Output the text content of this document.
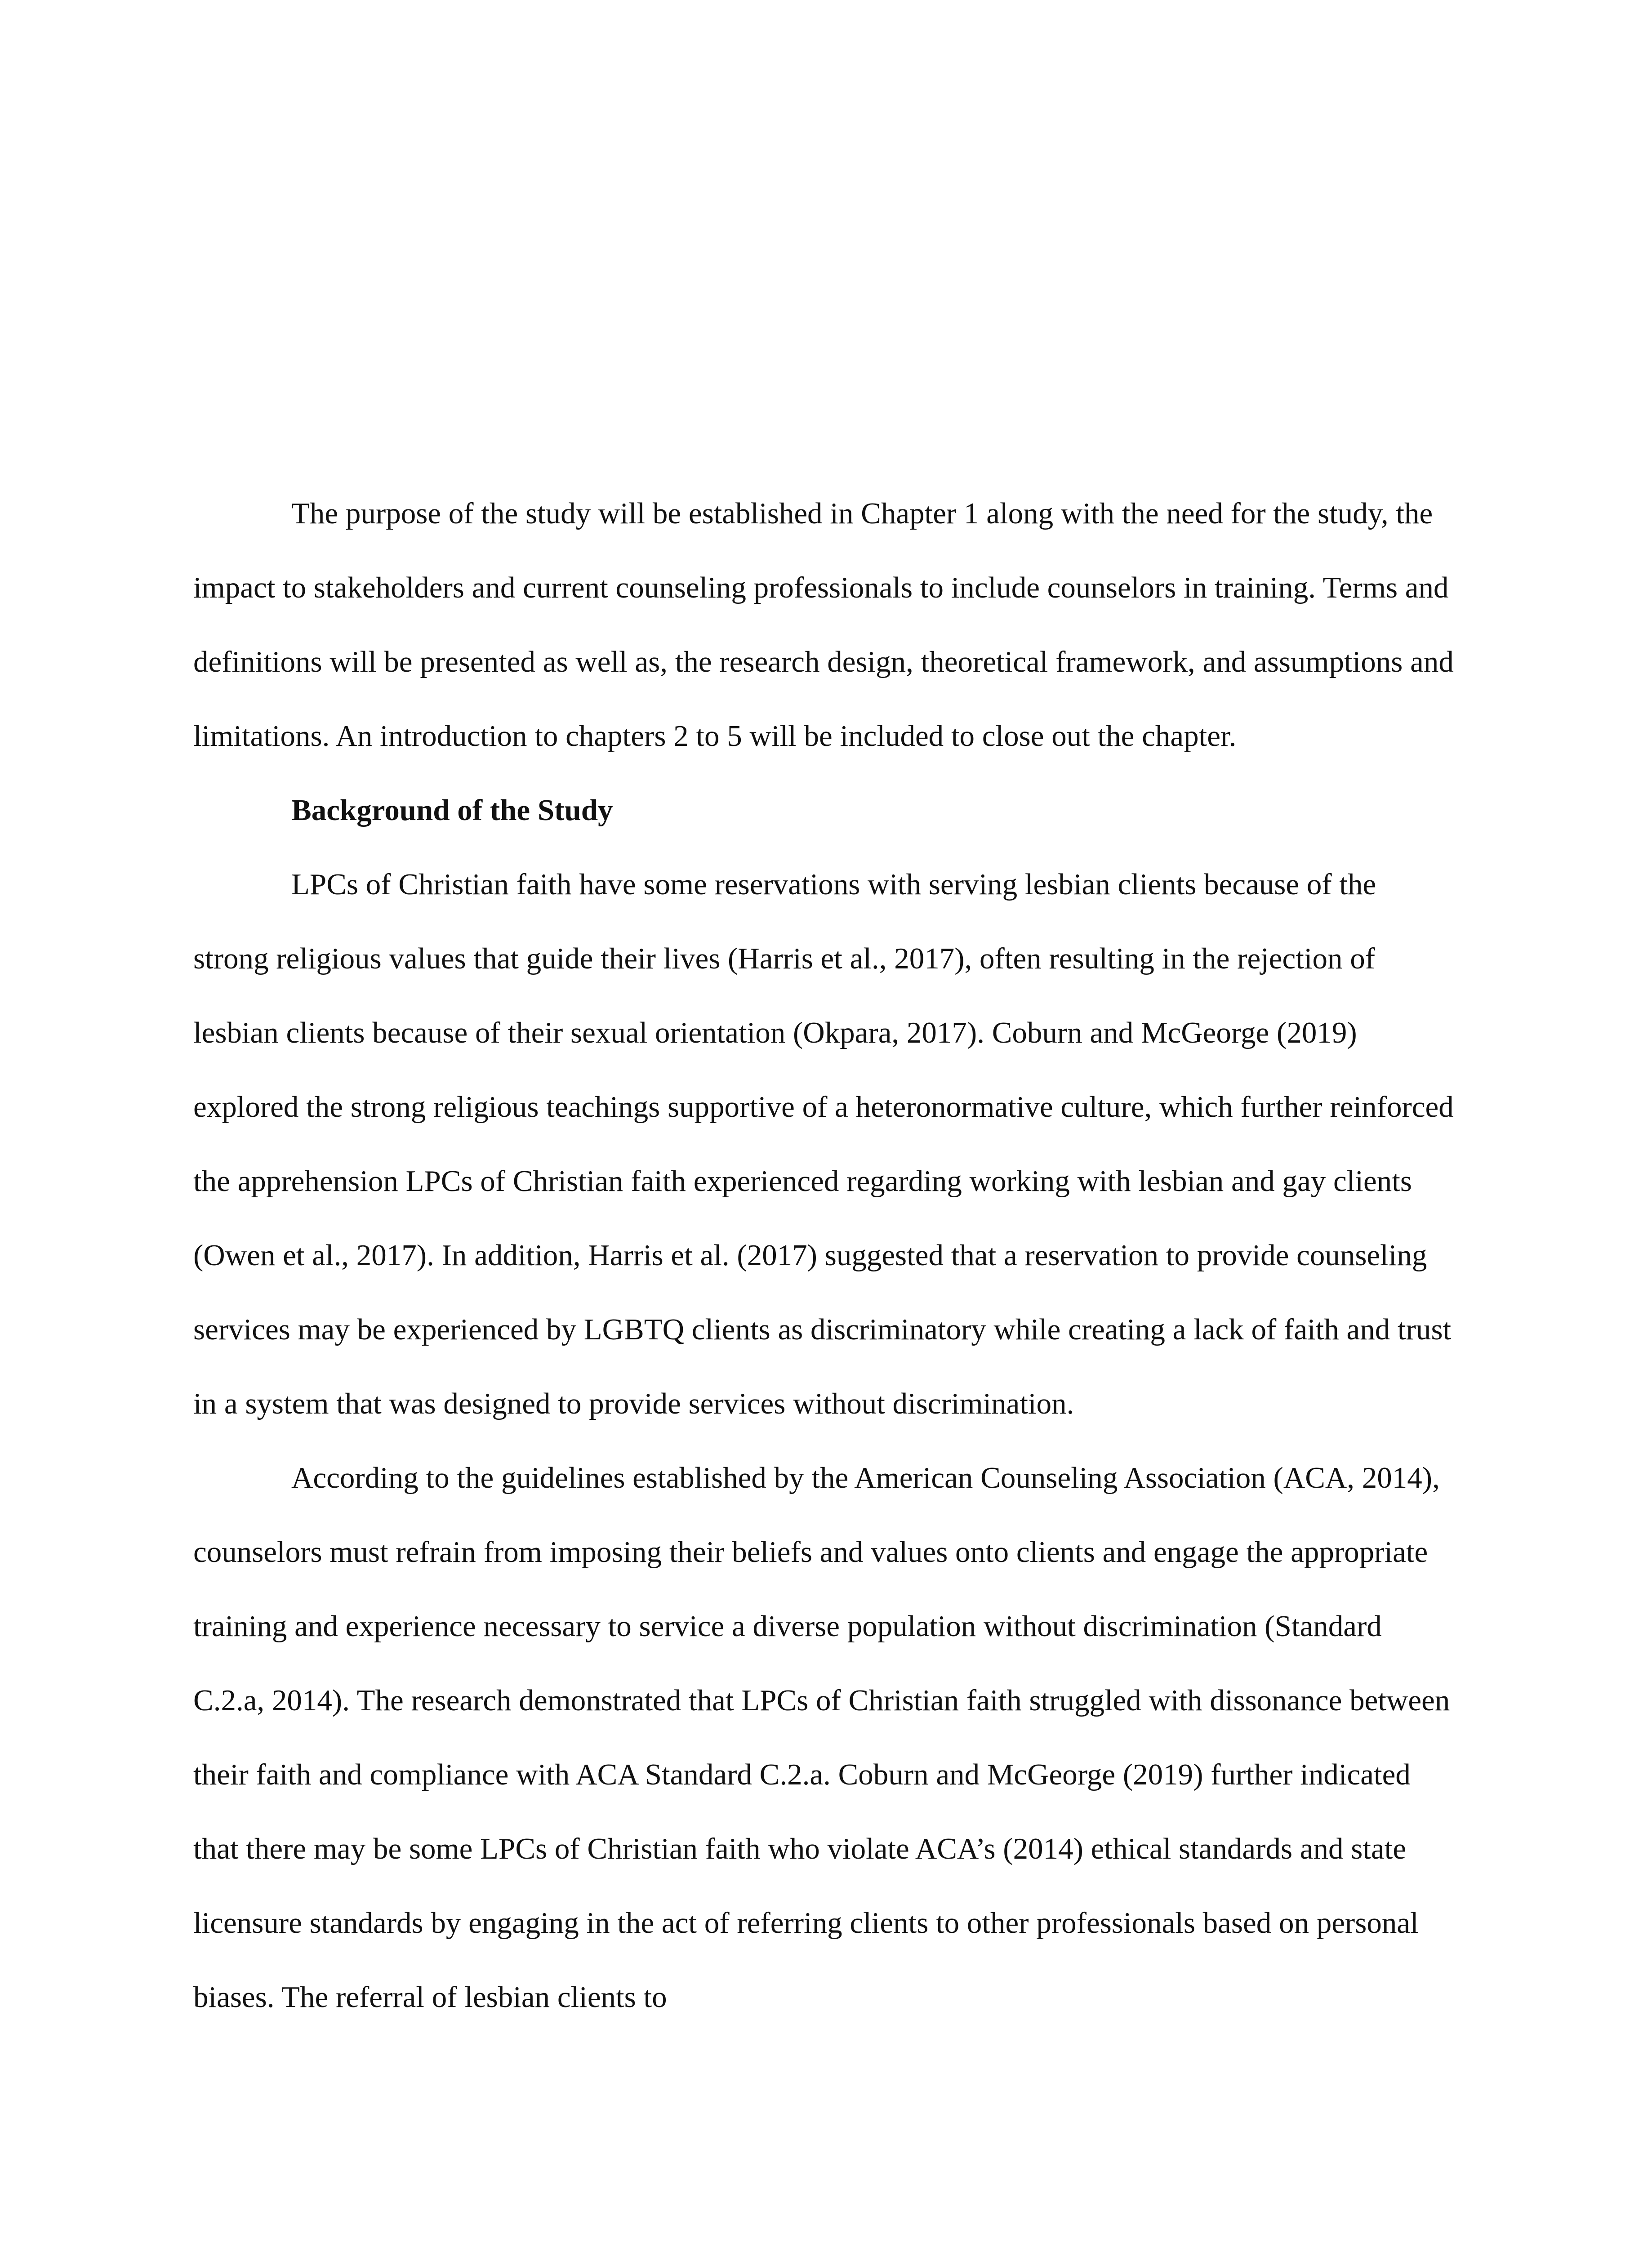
The purpose of the study will be established in Chapter 1 along with the need for the study, the impact to stakeholders and current counseling professionals to include counselors in training. Terms and definitions will be presented as well as, the research design, theoretical framework, and assumptions and limitations. An introduction to chapters 2 to 5 will be included to close out the chapter.

Background of the Study

LPCs of Christian faith have some reservations with serving lesbian clients because of the strong religious values that guide their lives (Harris et al., 2017), often resulting in the rejection of lesbian clients because of their sexual orientation (Okpara, 2017). Coburn and McGeorge (2019) explored the strong religious teachings supportive of a heteronormative culture, which further reinforced the apprehension LPCs of Christian faith experienced regarding working with lesbian and gay clients (Owen et al., 2017). In addition, Harris et al. (2017) suggested that a reservation to provide counseling services may be experienced by LGBTQ clients as discriminatory while creating a lack of faith and trust in a system that was designed to provide services without discrimination.

According to the guidelines established by the American Counseling Association (ACA, 2014), counselors must refrain from imposing their beliefs and values onto clients and engage the appropriate training and experience necessary to service a diverse population without discrimination (Standard C.2.a, 2014). The research demonstrated that LPCs of Christian faith struggled with dissonance between their faith and compliance with ACA Standard C.2.a. Coburn and McGeorge (2019) further indicated that there may be some LPCs of Christian faith who violate ACA’s (2014) ethical standards and state licensure standards by engaging in the act of referring clients to other professionals based on personal biases. The referral of lesbian clients to
